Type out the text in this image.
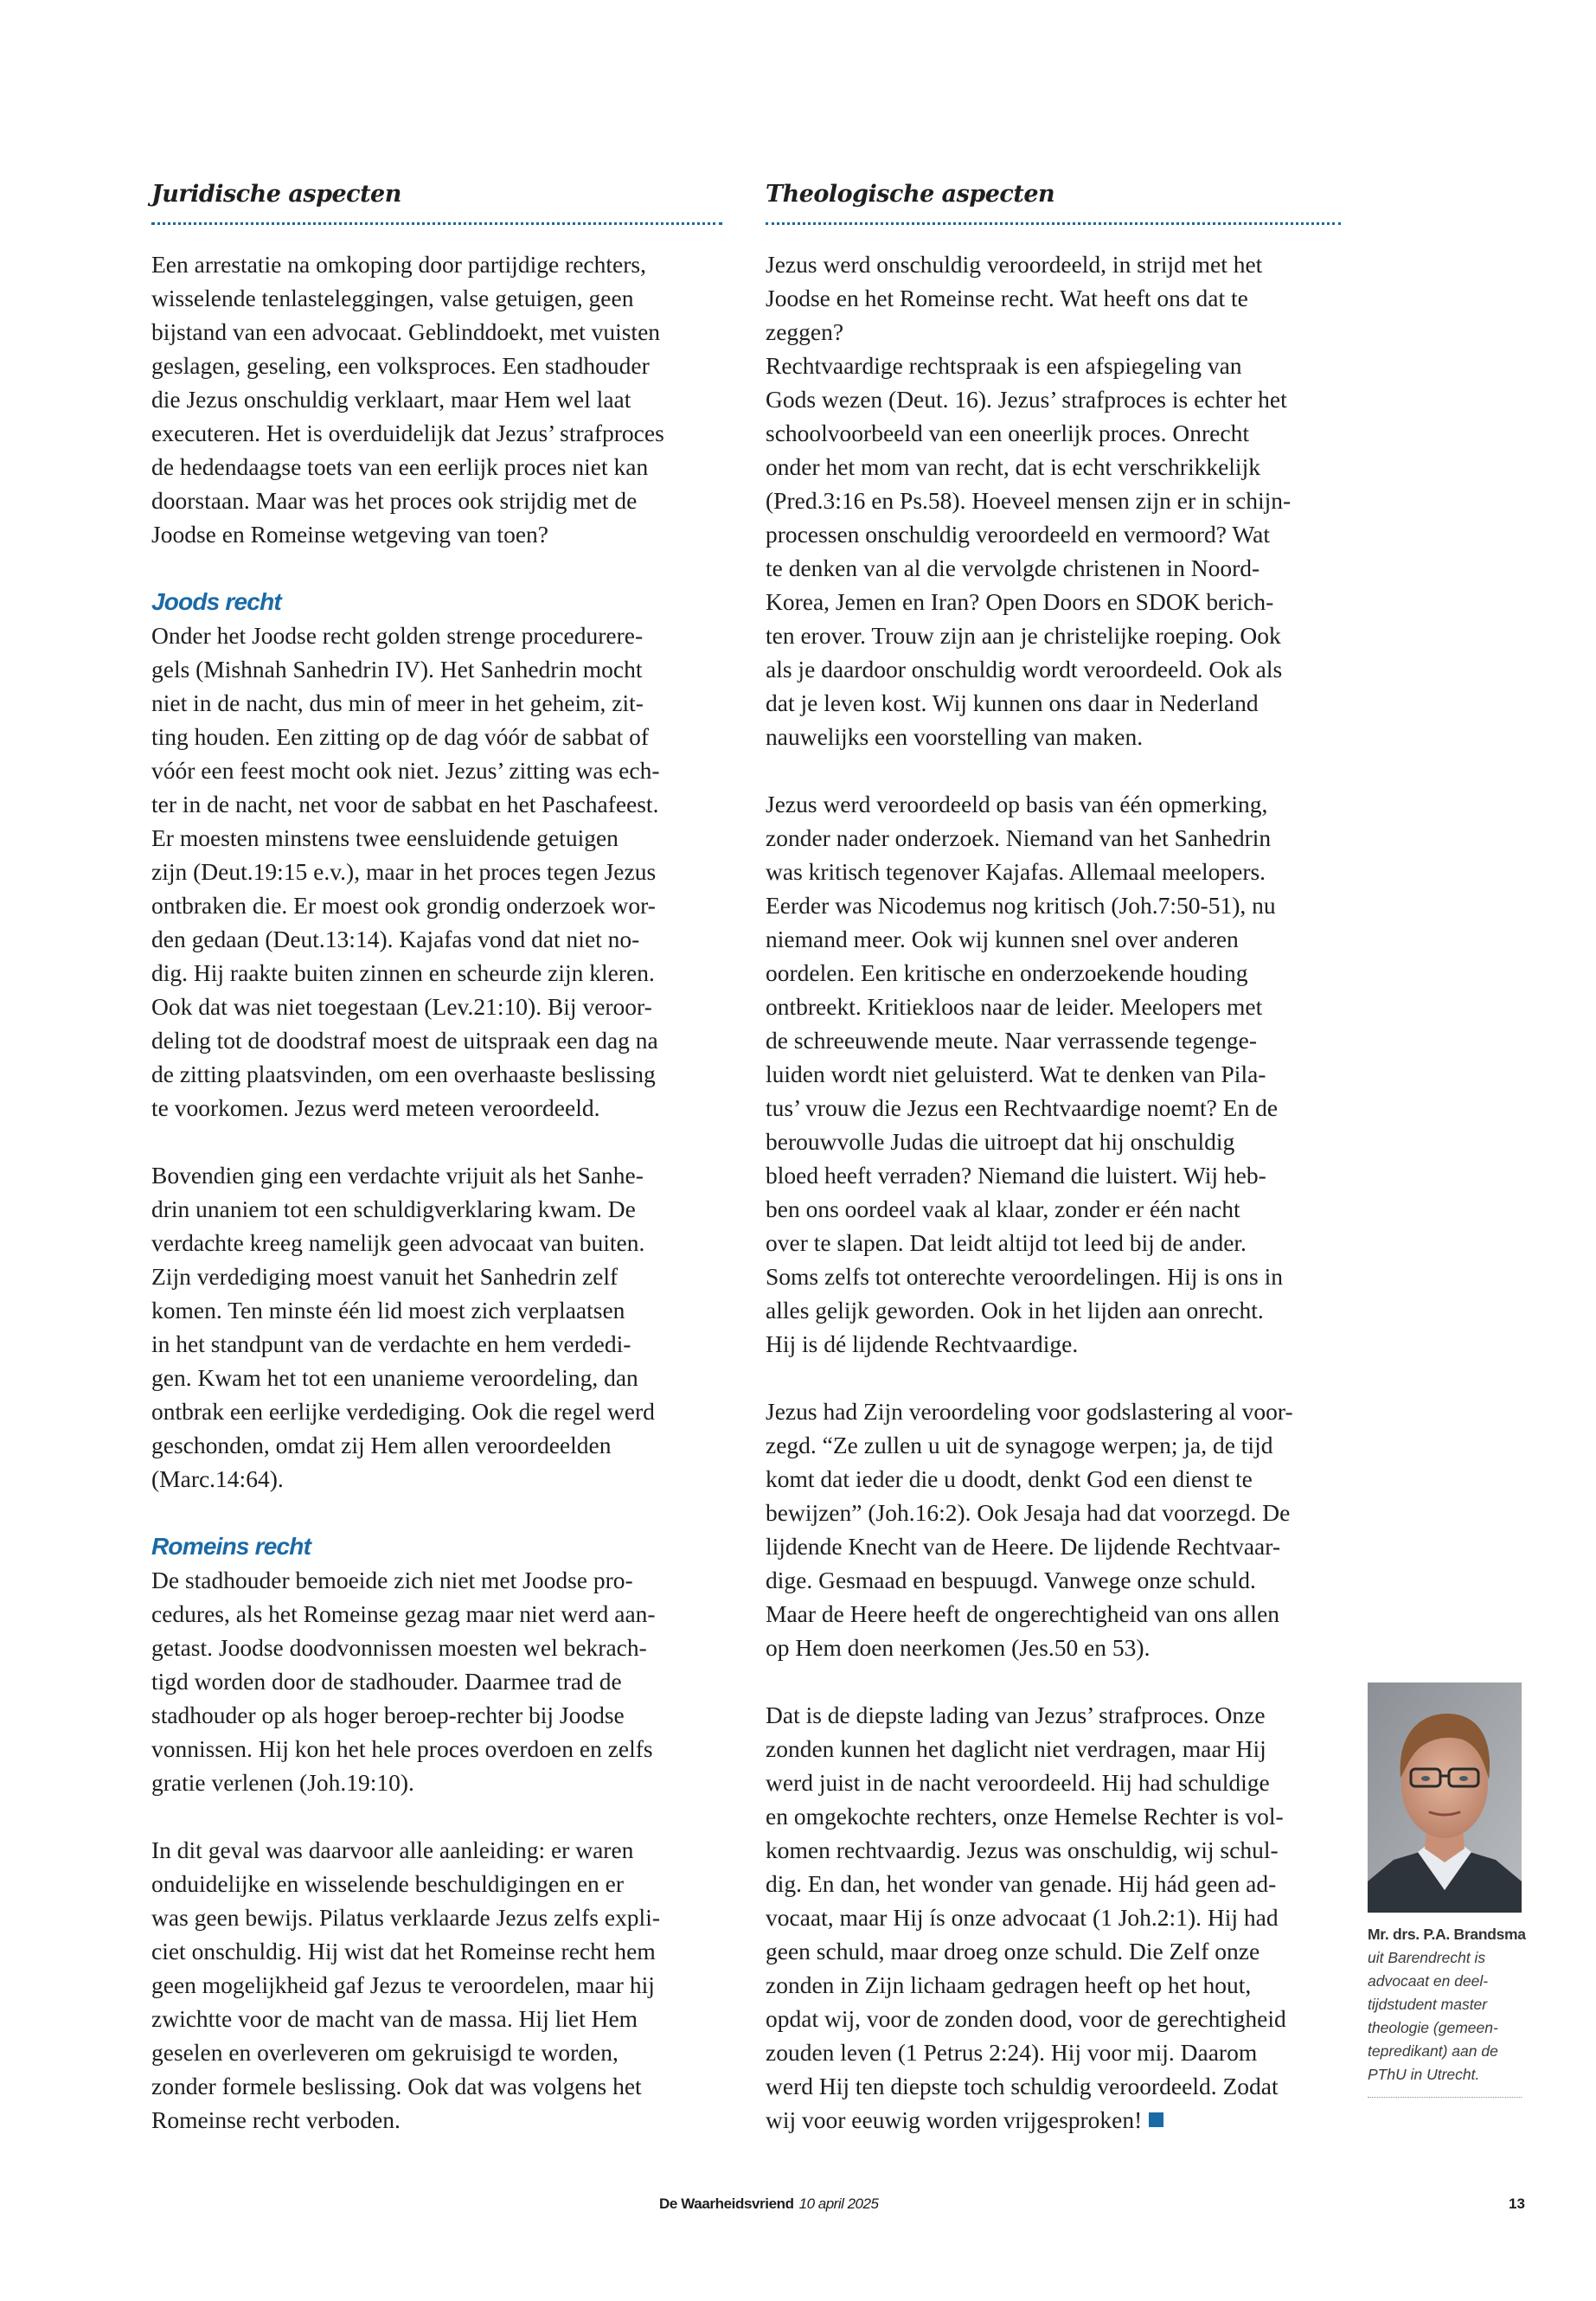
Juridische aspecten

Een arrestatie na omkoping door partijdige rechters,
wisselende tenlasteleggingen, valse getuigen, geen
bijstand van een advocaat. Geblinddoekt, met vuisten
geslagen, geseling, een volksproces. Een stadhouder
die Jezus onschuldig verklaart, maar Hem wel laat
executeren. Het is overduidelijk dat Jezus’ strafproces
de hedendaagse toets van een eerlijk proces niet kan
doorstaan. Maar was het proces ook strijdig met de
Joodse en Romeinse wetgeving van toen?

Joods recht

Onder het Joodse recht golden strenge procedurere-
gels (Mishnah Sanhedrin IV). Het Sanhedrin mocht
niet in de nacht, dus min of meer in het geheim, zit-
ting houden. Een zitting op de dag vóór de sabbat of
vóór een feest mocht ook niet. Jezus’ zitting was ech-
ter in de nacht, net voor de sabbat en het Paschafeest.
Er moesten minstens twee eensluidende getuigen
zijn (Deut.19:15 e.v.), maar in het proces tegen Jezus
ontbraken die. Er moest ook grondig onderzoek wor-
den gedaan (Deut.13:14). Kajafas vond dat niet no-
dig. Hij raakte buiten zinnen en scheurde zijn kleren.
Ook dat was niet toegestaan (Lev.21:10). Bij veroor-
deling tot de doodstraf moest de uitspraak een dag na
de zitting plaatsvinden, om een overhaaste beslissing
te voorkomen. Jezus werd meteen veroordeeld.

Bovendien ging een verdachte vrijuit als het Sanhe-
drin unaniem tot een schuldigverklaring kwam. De
verdachte kreeg namelijk geen advocaat van buiten.
Zijn verdediging moest vanuit het Sanhedrin zelf
komen. Ten minste één lid moest zich verplaatsen
in het standpunt van de verdachte en hem verdedi-
gen. Kwam het tot een unanieme veroordeling, dan
ontbrak een eerlijke verdediging. Ook die regel werd
geschonden, omdat zij Hem allen veroordeelden
(Marc.14:64).

Romeins recht

De stadhouder bemoeide zich niet met Joodse pro-
cedures, als het Romeinse gezag maar niet werd aan-
getast. Joodse doodvonnissen moesten wel bekrach-
tigd worden door de stadhouder. Daarmee trad de
stadhouder op als hoger beroep-rechter bij Joodse
vonnissen. Hij kon het hele proces overdoen en zelfs
gratie verlenen (Joh.19:10).

In dit geval was daarvoor alle aanleiding: er waren
onduidelijke en wisselende beschuldigingen en er
was geen bewijs. Pilatus verklaarde Jezus zelfs expli-
ciet onschuldig. Hij wist dat het Romeinse recht hem
geen mogelijkheid gaf Jezus te veroordelen, maar hij
zwichtte voor de macht van de massa. Hij liet Hem
geselen en overleveren om gekruisigd te worden,
zonder formele beslissing. Ook dat was volgens het
Romeinse recht verboden.

Theologische aspecten

Jezus werd onschuldig veroordeeld, in strijd met het
Joodse en het Romeinse recht. Wat heeft ons dat te
zeggen?
Rechtvaardige rechtspraak is een afspiegeling van
Gods wezen (Deut. 16). Jezus’ strafproces is echter het
schoolvoorbeeld van een oneerlijk proces. Onrecht
onder het mom van recht, dat is echt verschrikkelijk
(Pred.3:16 en Ps.58). Hoeveel mensen zijn er in schijn-
processen onschuldig veroordeeld en vermoord? Wat
te denken van al die vervolgde christenen in Noord-
Korea, Jemen en Iran? Open Doors en SDOK berich-
ten erover. Trouw zijn aan je christelijke roeping. Ook
als je daardoor onschuldig wordt veroordeeld. Ook als
dat je leven kost. Wij kunnen ons daar in Nederland
nauwelijks een voorstelling van maken.

Jezus werd veroordeeld op basis van één opmerking,
zonder nader onderzoek. Niemand van het Sanhedrin
was kritisch tegenover Kajafas. Allemaal meelopers.
Eerder was Nicodemus nog kritisch (Joh.7:50-51), nu
niemand meer. Ook wij kunnen snel over anderen
oordelen. Een kritische en onderzoekende houding
ontbreekt. Kritiekloos naar de leider. Meelopers met
de schreeuwende meute. Naar verrassende tegenge-
luiden wordt niet geluisterd. Wat te denken van Pila-
tus’ vrouw die Jezus een Rechtvaardige noemt? En de
berouwvolle Judas die uitroept dat hij onschuldig
bloed heeft verraden? Niemand die luistert. Wij heb-
ben ons oordeel vaak al klaar, zonder er één nacht
over te slapen. Dat leidt altijd tot leed bij de ander.
Soms zelfs tot onterechte veroordelingen. Hij is ons in
alles gelijk geworden. Ook in het lijden aan onrecht.
Hij is dé lijdende Rechtvaardige.

Jezus had Zijn veroordeling voor godslastering al voor-
zegd. “Ze zullen u uit de synagoge werpen; ja, de tijd
komt dat ieder die u doodt, denkt God een dienst te
bewijzen” (Joh.16:2). Ook Jesaja had dat voorzegd. De
lijdende Knecht van de Heere. De lijdende Rechtvaar-
dige. Gesmaad en bespuugd. Vanwege onze schuld.
Maar de Heere heeft de ongerechtigheid van ons allen
op Hem doen neerkomen (Jes.50 en 53).

Dat is de diepste lading van Jezus’ strafproces. Onze
zonden kunnen het daglicht niet verdragen, maar Hij
werd juist in de nacht veroordeeld. Hij had schuldige
en omgekochte rechters, onze Hemelse Rechter is vol-
komen rechtvaardig. Jezus was onschuldig, wij schul-
dig. En dan, het wonder van genade. Hij hád geen ad-
vocaat, maar Hij ís onze advocaat (1 Joh.2:1). Hij had
geen schuld, maar droeg onze schuld. Die Zelf onze
zonden in Zijn lichaam gedragen heeft op het hout,
opdat wij, voor de zonden dood, voor de gerechtigheid
zouden leven (1 Petrus 2:24). Hij voor mij. Daarom
werd Hij ten diepste toch schuldig veroordeeld. Zodat
wij voor eeuwig worden vrijgesproken!

Mr. drs. P.A. Brandsma
uit Barendrecht is
advocaat en deel-
tijdstudent master
theologie (gemeen-
tepredikant) aan de
PThU in Utrecht.
De Waarheidsvriend 10 april 2025	13
